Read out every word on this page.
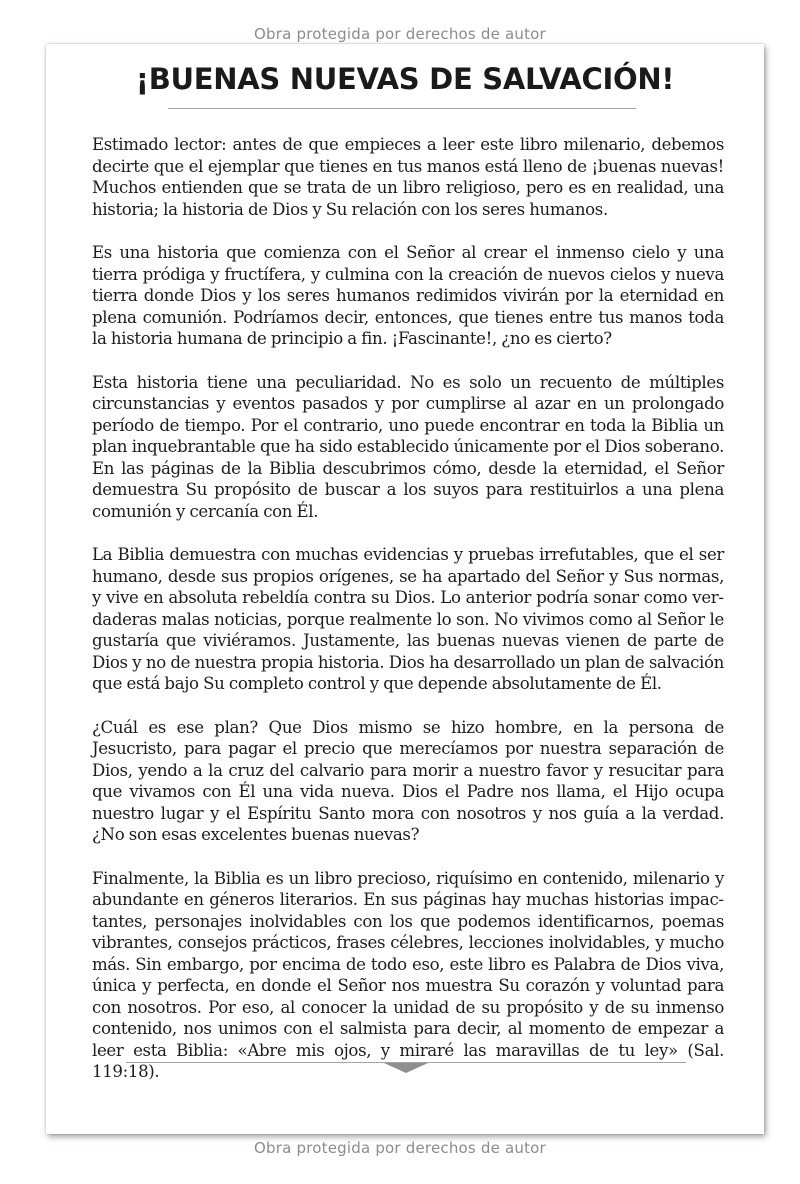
Obra protegida por derechos de autor
¡BUENAS NUEVAS DE SALVACIÓN!

Estimado lector: antes de que empieces a leer este libro milenario, debemos decirte que el ejemplar que tienes en tus manos está lleno de ¡buenas nuevas! Muchos entienden que se trata de un libro religioso, pero es en realidad, una historia; la historia de Dios y Su relación con los seres humanos.

Es una historia que comienza con el Señor al crear el inmenso cielo y una tierra pródiga y fructífera, y culmina con la creación de nuevos cielos y nueva tierra donde Dios y los seres humanos redimidos vivirán por la eternidad en plena comunión. Podríamos decir, entonces, que tienes entre tus manos toda la historia humana de principio a fin. ¡Fascinante!, ¿no es cierto?

Esta historia tiene una peculiaridad. No es solo un recuento de múltiples circunstancias y eventos pasados y por cumplirse al azar en un prolongado período de tiempo. Por el contrario, uno puede encontrar en toda la Biblia un plan inquebrantable que ha sido establecido únicamente por el Dios soberano. En las páginas de la Biblia descubrimos cómo, desde la eternidad, el Señor demuestra Su propósito de buscar a los suyos para restituirlos a una plena comunión y cercanía con Él.

La Biblia demuestra con muchas evidencias y pruebas irrefutables, que el ser humano, desde sus propios orígenes, se ha apartado del Señor y Sus normas, y vive en absoluta rebeldía contra su Dios. Lo anterior podría sonar como verdaderas malas noticias, porque realmente lo son. No vivimos como al Señor le gustaría que viviéramos. Justamente, las buenas nuevas vienen de parte de Dios y no de nuestra propia historia. Dios ha desarrollado un plan de salvación que está bajo Su completo control y que depende absolutamente de Él.

¿Cuál es ese plan? Que Dios mismo se hizo hombre, en la persona de Jesucristo, para pagar el precio que merecíamos por nuestra separación de Dios, yendo a la cruz del calvario para morir a nuestro favor y resucitar para que vivamos con Él una vida nueva. Dios el Padre nos llama, el Hijo ocupa nuestro lugar y el Espíritu Santo mora con nosotros y nos guía a la verdad. ¿No son esas excelentes buenas nuevas?

Finalmente, la Biblia es un libro precioso, riquísimo en contenido, milenario y abundante en géneros literarios. En sus páginas hay muchas historias impactantes, personajes inolvidables con los que podemos identificarnos, poemas vibrantes, consejos prácticos, frases célebres, lecciones inolvidables, y mucho más. Sin embargo, por encima de todo eso, este libro es Palabra de Dios viva, única y perfecta, en donde el Señor nos muestra Su corazón y voluntad para con nosotros. Por eso, al conocer la unidad de su propósito y de su inmenso contenido, nos unimos con el salmista para decir, al momento de empezar a leer esta Biblia: «Abre mis ojos, y miraré las maravillas de tu ley» (Sal. 119:18).

Obra protegida por derechos de autor
